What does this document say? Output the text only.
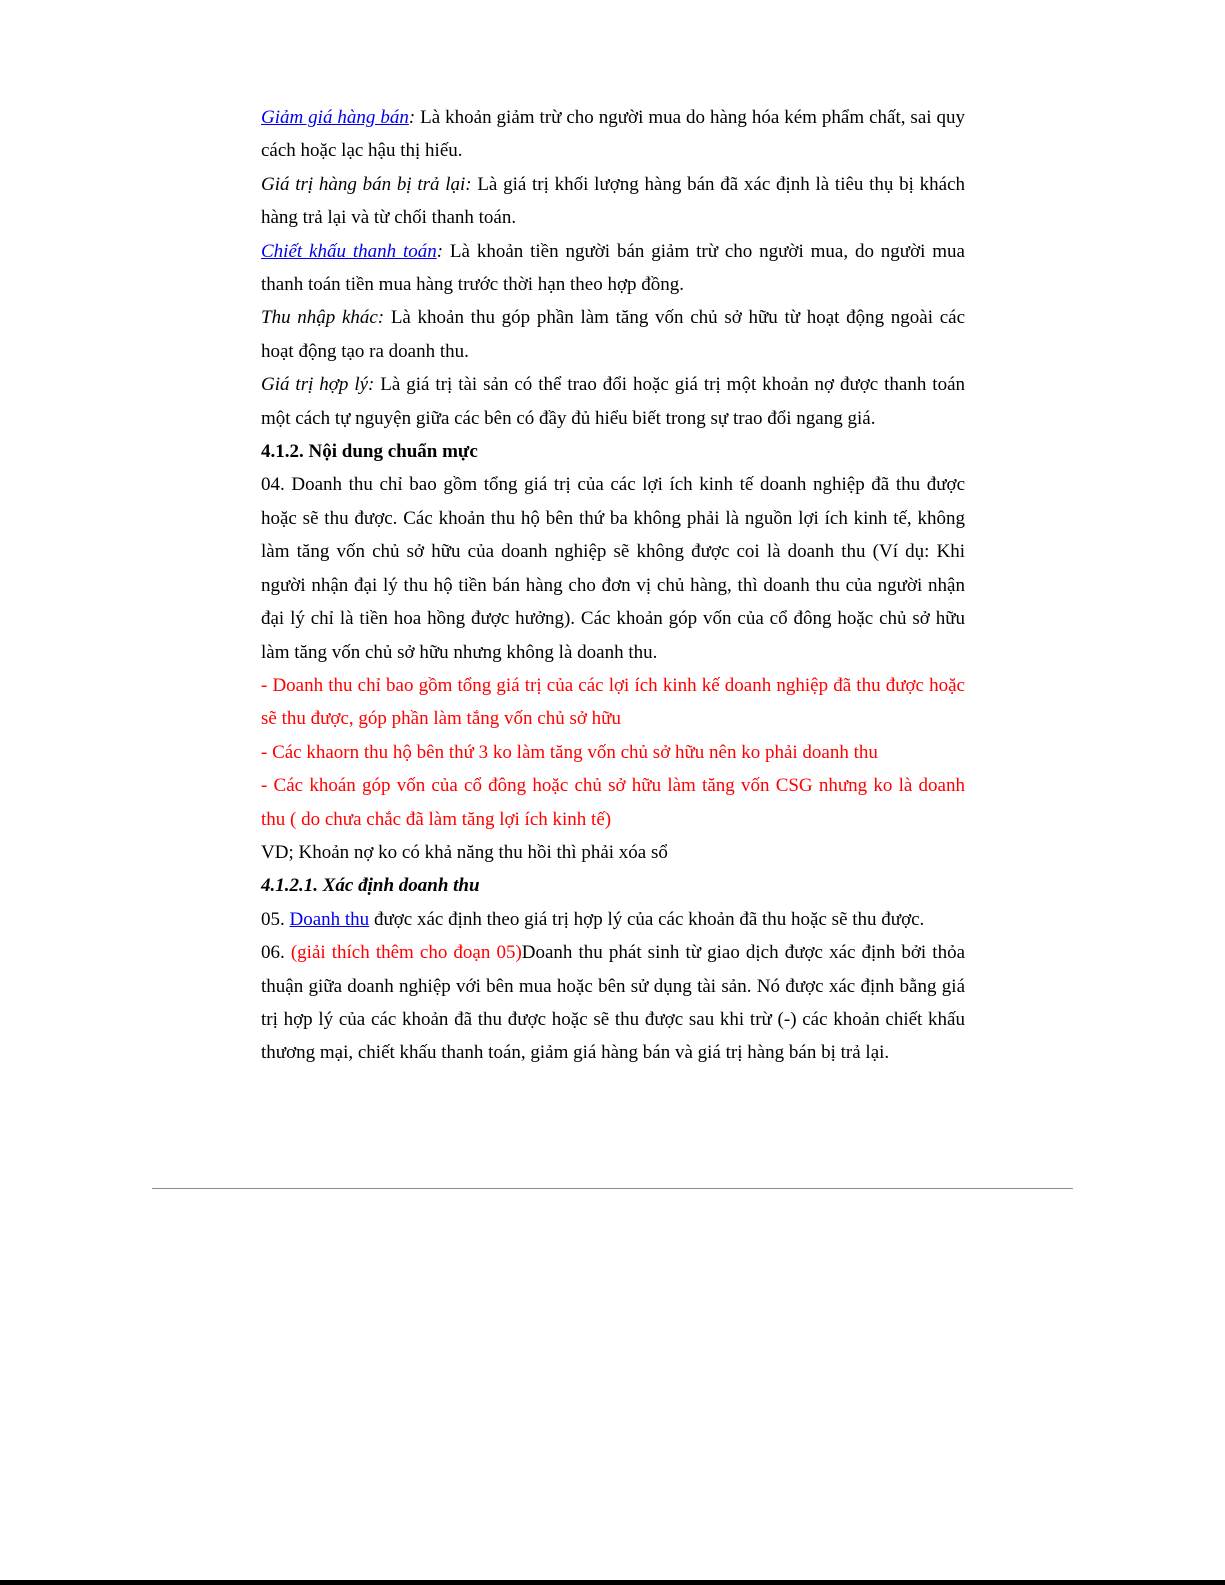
Giảm giá hàng bán: Là khoản giảm trừ cho người mua do hàng hóa kém phẩm chất, sai quy cách hoặc lạc hậu thị hiếu.

Giá trị hàng bán bị trả lại: Là giá trị khối lượng hàng bán đã xác định là tiêu thụ bị khách hàng trả lại và từ chối thanh toán.

Chiết khấu thanh toán: Là khoản tiền người bán giảm trừ cho người mua, do người mua thanh toán tiền mua hàng trước thời hạn theo hợp đồng.

Thu nhập khác: Là khoản thu góp phần làm tăng vốn chủ sở hữu từ hoạt động ngoài các hoạt động tạo ra doanh thu.

Giá trị hợp lý: Là giá trị tài sản có thể trao đổi hoặc giá trị một khoản nợ được thanh toán một cách tự nguyện giữa các bên có đầy đủ hiểu biết trong sự trao đổi ngang giá.

4.1.2. Nội dung chuẩn mực

04. Doanh thu chỉ bao gồm tổng giá trị của các lợi ích kinh tế doanh nghiệp đã thu được hoặc sẽ thu được. Các khoản thu hộ bên thứ ba không phải là nguồn lợi ích kinh tế, không làm tăng vốn chủ sở hữu của doanh nghiệp sẽ không được coi là doanh thu (Ví dụ: Khi người nhận đại lý thu hộ tiền bán hàng cho đơn vị chủ hàng, thì doanh thu của người nhận đại lý chỉ là tiền hoa hồng được hưởng). Các khoản góp vốn của cổ đông hoặc chủ sở hữu làm tăng vốn chủ sở hữu nhưng không là doanh thu.

- Doanh thu chỉ bao gồm tổng giá trị của các lợi ích kinh kế doanh nghiệp đã thu được hoặc sẽ thu được, góp phần làm tắng vốn chủ sở hữu

- Các khaorn thu hộ bên thứ 3 ko làm tăng vốn chủ sở hữu nên ko phải doanh thu

- Các khoán góp vốn của cổ đông hoặc chủ sở hữu làm tăng vốn CSG nhưng ko là doanh thu ( do chưa chắc đã làm tăng lợi ích kinh tế)

VD; Khoản nợ ko có khả năng thu hồi thì phải xóa sổ

4.1.2.1. Xác định doanh thu

05. Doanh thu được xác định theo giá trị hợp lý của các khoản đã thu hoặc sẽ thu được.

06. (giải thích thêm cho đoạn 05)Doanh thu phát sinh từ giao dịch được xác định bởi thỏa thuận giữa doanh nghiệp với bên mua hoặc bên sử dụng tài sản. Nó được xác định bằng giá trị hợp lý của các khoản đã thu được hoặc sẽ thu được sau khi trừ (-) các khoản chiết khấu thương mại, chiết khấu thanh toán, giảm giá hàng bán và giá trị hàng bán bị trả lại.
